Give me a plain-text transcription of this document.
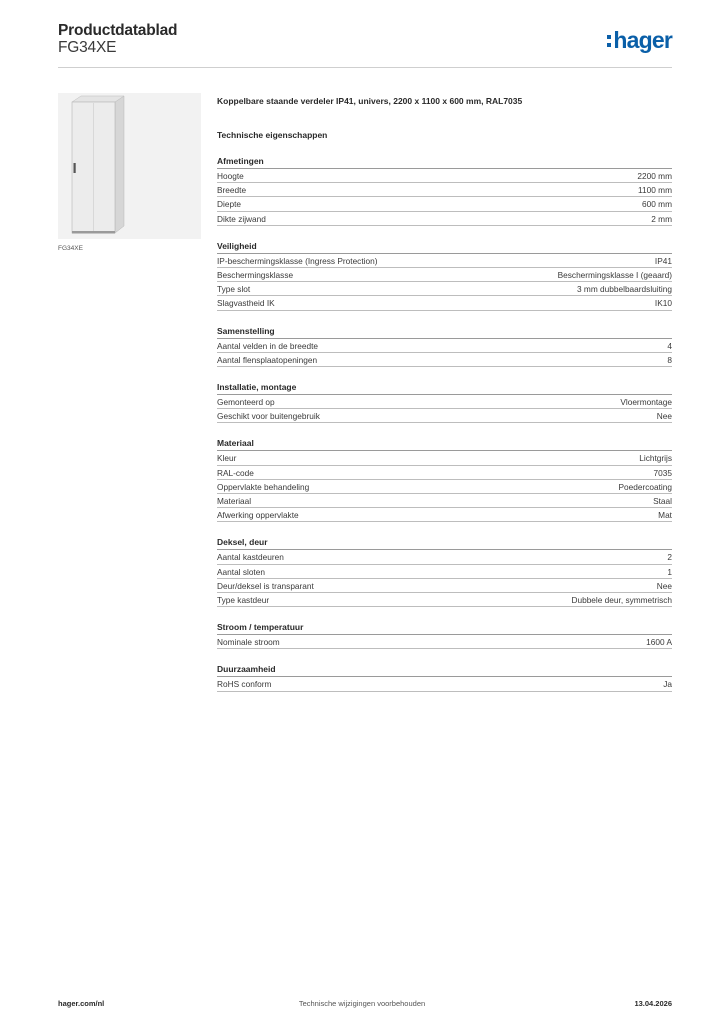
Productdatablad
FG34XE	hager
FG34XE
Koppelbare staande verdeler IP41, univers, 2200 x 1100 x 600 mm, RAL7035
Technische eigenschappen
Afmetingen
Hoogte	2200 mm
Breedte	1100 mm
Diepte	600 mm
Dikte zijwand	2 mm
Veiligheid
IP-beschermingsklasse (Ingress Protection)	IP41
Beschermingsklasse	Beschermingsklasse I (geaard)
Type slot	3 mm dubbelbaardsluiting
Slagvastheid IK	IK10
Samenstelling
Aantal velden in de breedte	4
Aantal flensplaatopeningen	8
Installatie, montage
Gemonteerd op	Vloermontage
Geschikt voor buitengebruik	Nee
Materiaal
Kleur	Lichtgrijs
RAL-code	7035
Oppervlakte behandeling	Poedercoating
Materiaal	Staal
Afwerking oppervlakte	Mat
Deksel, deur
Aantal kastdeuren	2
Aantal sloten	1
Deur/deksel is transparant	Nee
Type kastdeur	Dubbele deur, symmetrisch
Stroom / temperatuur
Nominale stroom	1600 A
Duurzaamheid
RoHS conform	Ja
hager.com/nl	Technische wijzigingen voorbehouden	13.04.2026
